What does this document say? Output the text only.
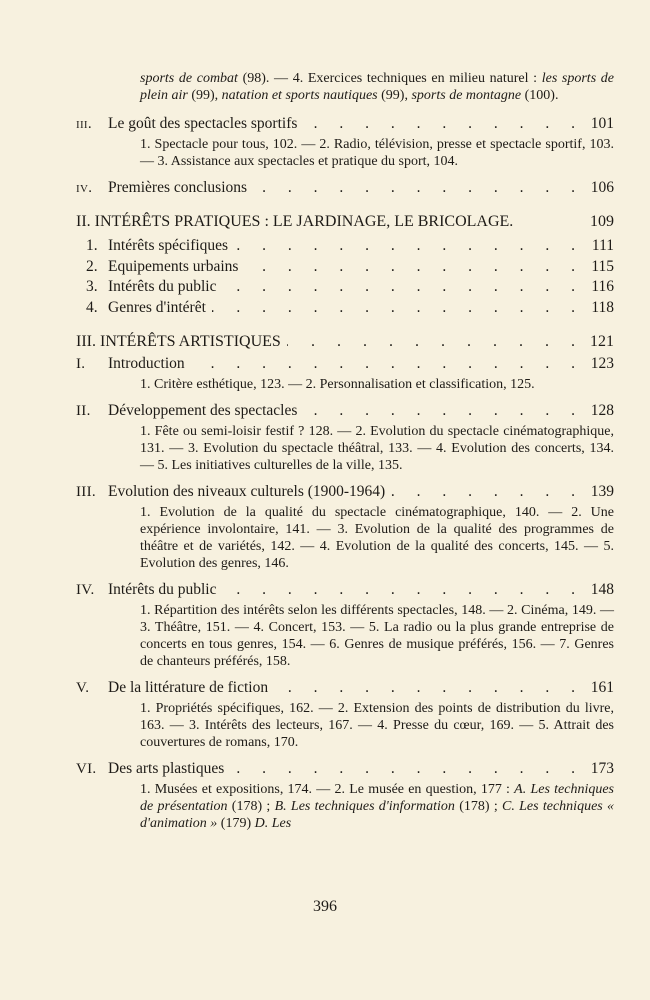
sports de combat (98). — 4. Exercices techniques en milieu naturel : les sports de plein air (99), natation et sports nautiques (99), sports de montagne (100).
iii.	Le goût des spectacles sportifs . . .	101
1. Spectacle pour tous, 102. — 2. Radio, télévision, presse et spectacle sportif, 103. — 3. Assistance aux spectacles et pratique du sport, 104.
iv.	Premières conclusions . . .	106
II. INTÉRÊTS PRATIQUES : LE JARDINAGE, LE BRICOLAGE.	109
1. Intérêts spécifiques . . .	111
2. Equipements urbains . . .	115
3. Intérêts du public . . .	116
4. Genres d'intérêt . . .	118
III. INTÉRÊTS ARTISTIQUES . . .	121
I.	Introduction . . .	123
1. Critère esthétique, 123. — 2. Personnalisation et classification, 125.
II.	Développement des spectacles . . .	128
1. Fête ou semi-loisir festif ? 128. — 2. Evolution du spectacle cinématographique, 131. — 3. Evolution du spectacle théâtral, 133. — 4. Evolution des concerts, 134. — 5. Les initiatives culturelles de la ville, 135.
III. Evolution des niveaux culturels (1900-1964) . . .	139
1. Evolution de la qualité du spectacle cinématographique, 140. — 2. Une expérience involontaire, 141. — 3. Evolution de la qualité des programmes de théâtre et de variétés, 142. — 4. Evolution de la qualité des concerts, 145. — 5. Evolution des genres, 146.
IV. Intérêts du public . . .	148
1. Répartition des intérêts selon les différents spectacles, 148. — 2. Cinéma, 149. — 3. Théâtre, 151. — 4. Concert, 153. — 5. La radio ou la plus grande entreprise de concerts en tous genres, 154. — 6. Genres de musique préférés, 156. — 7. Genres de chanteurs préférés, 158.
V.	De la littérature de fiction . . .	161
1. Propriétés spécifiques, 162. — 2. Extension des points de distribution du livre, 163. — 3. Intérêts des lecteurs, 167. — 4. Presse du cœur, 169. — 5. Attrait des couvertures de romans, 170.
VI. Des arts plastiques . . .	173
1. Musées et expositions, 174. — 2. Le musée en question, 177 : A. Les techniques de présentation (178) ; B. Les techniques d'information (178) ; C. Les techniques « d'animation » (179) D. Les
396
